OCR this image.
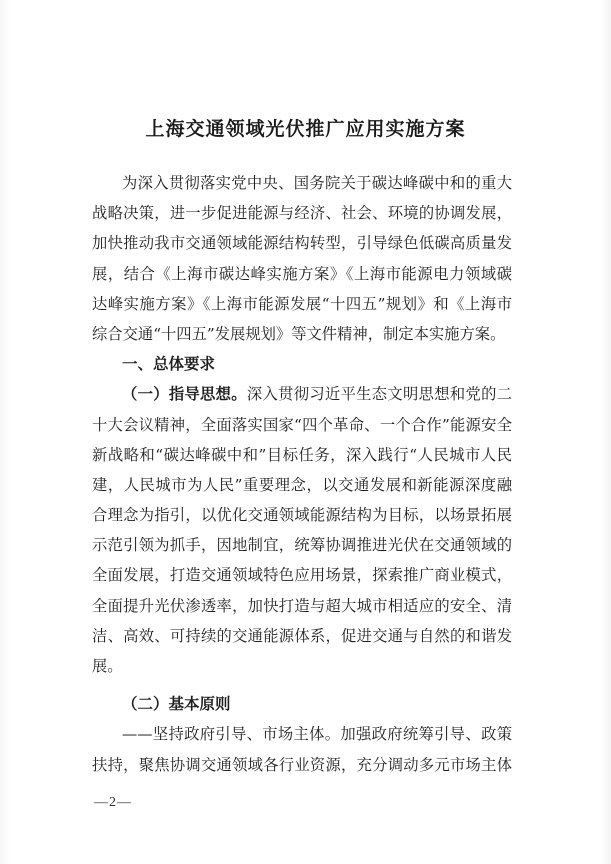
上海交通领域光伏推广应用实施方案
为深入贯彻落实党中央、国务院关于碳达峰碳中和的重大
战略决策，进一步促进能源与经济、社会、环境的协调发展，
加快推动我市交通领域能源结构转型，引导绿色低碳高质量发
展，结合《上海市碳达峰实施方案》《上海市能源电力领域碳
达峰实施方案》《上海市能源发展“十四五”规划》和《上海市
综合交通“十四五”发展规划》等文件精神，制定本实施方案。
一、总体要求
（一）指导思想。深入贯彻习近平生态文明思想和党的二
十大会议精神，全面落实国家“四个革命、一个合作”能源安全
新战略和“碳达峰碳中和”目标任务，深入践行“人民城市人民
建，人民城市为人民”重要理念，以交通发展和新能源深度融
合理念为指引，以优化交通领域能源结构为目标，以场景拓展
示范引领为抓手，因地制宜，统筹协调推进光伏在交通领域的
全面发展，打造交通领域特色应用场景，探索推广商业模式，
全面提升光伏渗透率，加快打造与超大城市相适应的安全、清
洁、高效、可持续的交通能源体系，促进交通与自然的和谐发
展。
（二）基本原则
——坚持政府引导、市场主体。加强政府统筹引导、政策
扶持，聚焦协调交通领域各行业资源，充分调动多元市场主体
—2—
